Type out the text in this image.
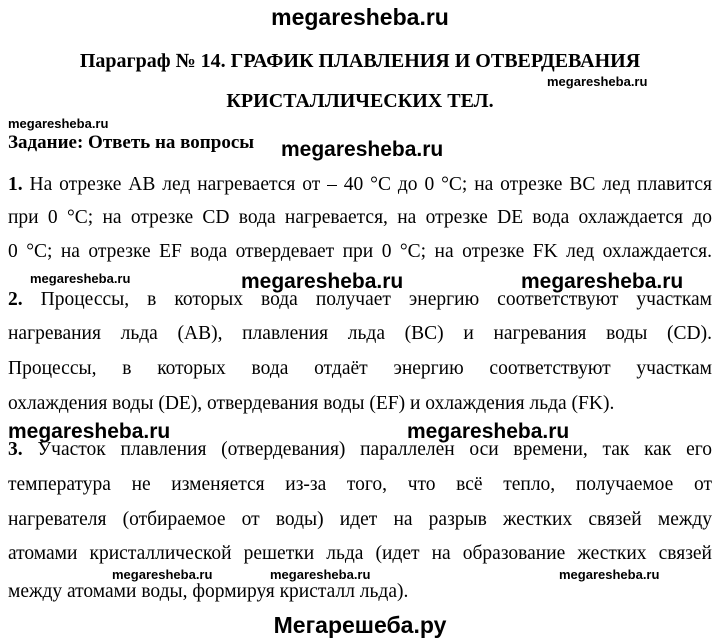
megaresheba.ru
Параграф № 14. ГРАФИК ПЛАВЛЕНИЯ И ОТВЕРДЕВАНИЯ
megaresheba.ru
КРИСТАЛЛИЧЕСКИХ ТЕЛ.
megaresheba.ru
Задание: Ответь на вопросы megaresheba.ru
1. На отрезке AB лед нагревается от – 40 °C до 0 °C; на отрезке BC лед плавится
при 0 °C; на отрезке CD вода нагревается, на отрезке DE вода охлаждается до
0 °C; на отрезке EF вода отвердевает при 0 °C; на отрезке FK лед охлаждается.
megaresheba.ru	megaresheba.ru	megaresheba.ru
2. Процессы, в которых вода получает энергию соответствуют участкам
нагревания льда (AB), плавления льда (BC) и нагревания воды (CD).
Процессы, в которых вода отдаёт энергию соответствуют участкам
охлаждения воды (DE), отвердевания воды (EF) и охлаждения льда (FK).
megaresheba.ru	megaresheba.ru
3. Участок плавления (отвердевания) параллелен оси времени, так как его
температура не изменяется из-за того, что всё тепло, получаемое от
нагревателя (отбираемое от воды) идет на разрыв жестких связей между
атомами кристаллической решетки льда (идет на образование жестких связей
megaresheba.ru	megaresheba.ru	megaresheba.ru
между атомами воды, формируя кристалл льда).
Мегарешеба.ру
